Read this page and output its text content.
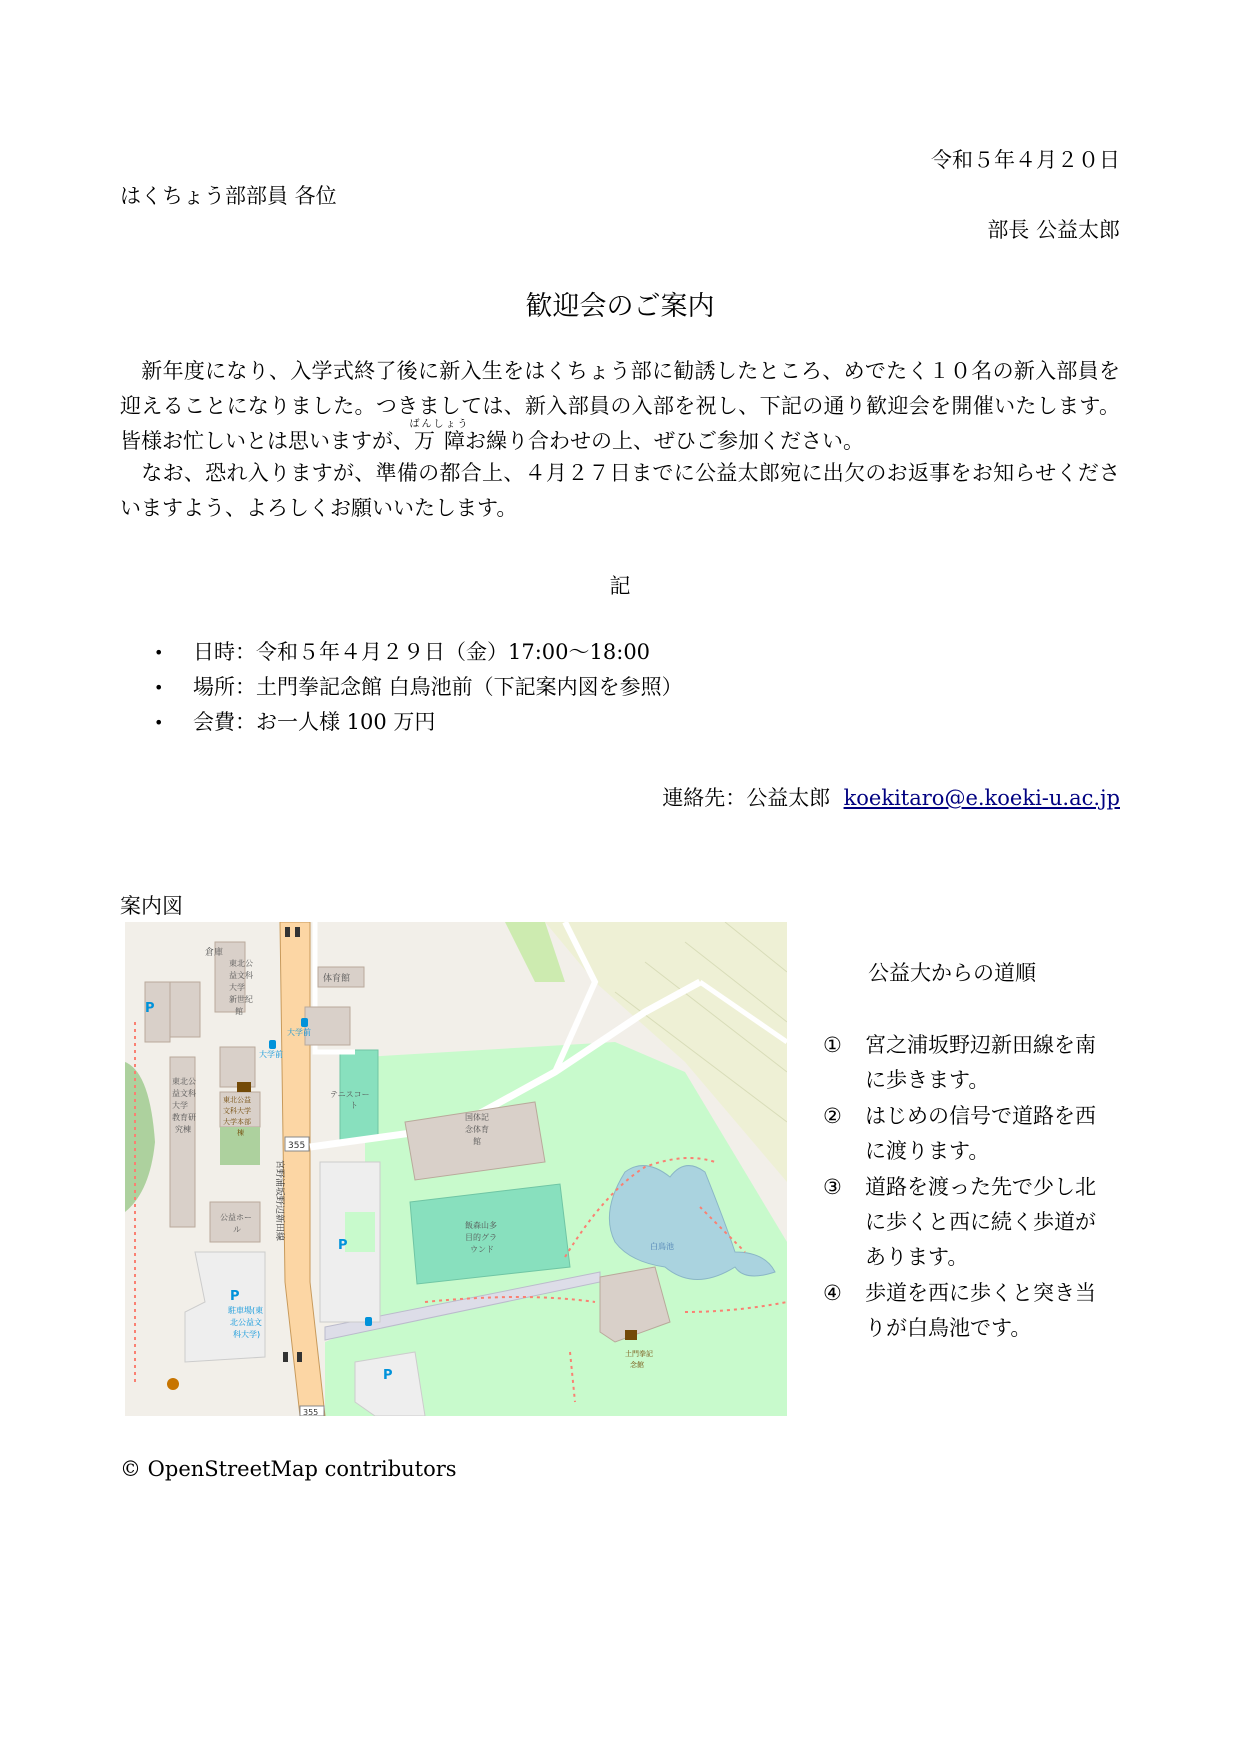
令和５年４月２０日
はくちょう部部員 各位
部長 公益太郎
歓迎会のご案内
　新年度になり、入学式終了後に新入生をはくちょう部に勧誘したところ、めでたく１０名の新入部員を迎えることになりました。つきましては、新入部員の入部を祝し、下記の通り歓迎会を開催いたします。皆様お忙しいとは思いますが、万障ばんしょうお繰り合わせの上、ぜひご参加ください。
　なお、恐れ入りますが、準備の都合上、４月２７日までに公益太郎宛に出欠のお返事をお知らせくださいますよう、よろしくお願いいたします。
記
• 日時：令和５年４月２９日（金）17:00～18:00
• 場所：土門拳記念館 白鳥池前（下記案内図を参照）
• 会費：お一人様 100 万円
連絡先：公益太郎 koekitaro@e.koeki-u.ac.jp
案内図
倉庫
東北公
益文科
大学
新世紀
館
体育館
大学前
大学前
東北公
益文科
大学
教育研
究棟
東北公益
文科大学
大学本部
棟
テニスコー
ト
国体記
念体育
館
355
355
宮野浦坂野辺新田線
公益ホー
ル	飯森山多
目的グラ
ウンド	白鳥池
P
P
P
P
駐車場(東
北公益文
科大学)
土門拳記
念館
公益大からの道順
① 宮之浦坂野辺新田線を南に歩きます。
② はじめの信号で道路を西に渡ります。
③ 道路を渡った先で少し北に歩くと西に続く歩道があります。
④ 歩道を西に歩くと突き当りが白鳥池です。
© OpenStreetMap contributors
